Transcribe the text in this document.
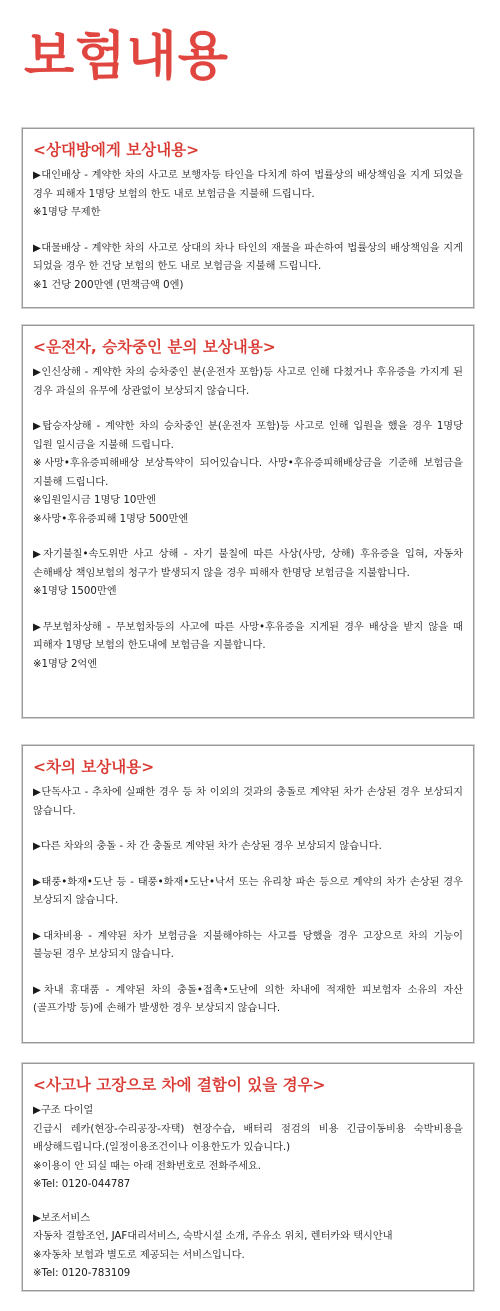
보험내용
<상대방에게 보상내용>

▶대인배상 - 계약한 차의 사고로 보행자등 타인을 다치게 하여 법률상의 배상책임을 지게 되었을 경우 피해자 1명당 보험의 한도 내로 보험금을 지불해 드립니다.

※1명당 무제한

▶대물배상 - 계약한 차의 사고로 상대의 차나 타인의 재물을 파손하여 법률상의 배상책임을 지게 되었을 경우 한 건당 보험의 한도 내로 보험금을 지불해 드립니다.

※1 건당 200만엔 (면책금액 0엔)

<운전자, 승차중인 분의 보상내용>

▶인신상해 - 계약한 차의 승차중인 분(운전자 포함)등 사고로 인해 다쳤거나 후유증을 가지게 된 경우 과실의 유무에 상관없이 보상되지 않습니다.

▶탑승자상해 - 계약한 차의 승차중인 분(운전자 포함)등 사고로 인해 입원을 했을 경우 1명당 입원 일시금을 지불해 드립니다.

※사망•후유증피해배상 보상특약이 되어있습니다. 사망•후유증피해배상금을 기준해 보험금을 지불해 드립니다.

※입원일시금 1명당 10만엔

※사망•후유증피해 1명당 500만엔

▶자기불칠•속도위반 사고 상해 - 자기 불칠에 따른 사상(사망, 상해) 후유증을 입혀, 자동차 손해배상 책임보험의 청구가 발생되지 않을 경우 피해자 한명당 보험금을 지불합니다.

※1명당 1500만엔

▶무보험차상해 - 무보험차등의 사고에 따른 사망•후유증을 지게된 경우 배상을 받지 않을 때 피해자 1명당 보험의 한도내에 보험금을 지불합니다.

※1명당 2억엔

<차의 보상내용>

▶단독사고 - 추차에 실패한 경우 등 차 이외의 것과의 충돌로 계약된 차가 손상된 경우 보상되지 않습니다.

▶다른 차와의 충돌 - 차 간 충돌로 계약된 차가 손상된 경우 보상되지 않습니다.

▶태풍•화재•도난 등 - 태풍•화재•도난•낙서 또는 유리창 파손 등으로 계약의 차가 손상된 경우 보상되지 않습니다.

▶대차비용 - 계약된 차가 보험금을 지불해야하는 사고를 당했을 경우 고장으로 차의 기능이 불능된 경우 보상되지 않습니다.

▶차내 휴대품 - 계약된 차의 충돌•접촉•도난에 의한 차내에 적재한 피보험자 소유의 자산(골프가방 등)에 손해가 발생한 경우 보상되지 않습니다.

<사고나 고장으로 차에 결함이 있을 경우>

▶구조 다이얼

긴급시 레카(현장-수리공장-자택) 현장수습, 배터리 점검의 비용 긴급이동비용 숙박비용을 배상해드립니다.(일정이용조건이나 이용한도가 있습니다.)

※이용이 안 되실 때는 아래 전화번호로 전화주세요.

※Tel: 0120-044787

▶보조서비스

자동차 결함조언, JAF대리서비스, 숙박시설 소개, 주유소 위치, 렌터카와 택시안내

※자동차 보험과 별도로 제공되는 서비스입니다.

※Tel: 0120-783109
